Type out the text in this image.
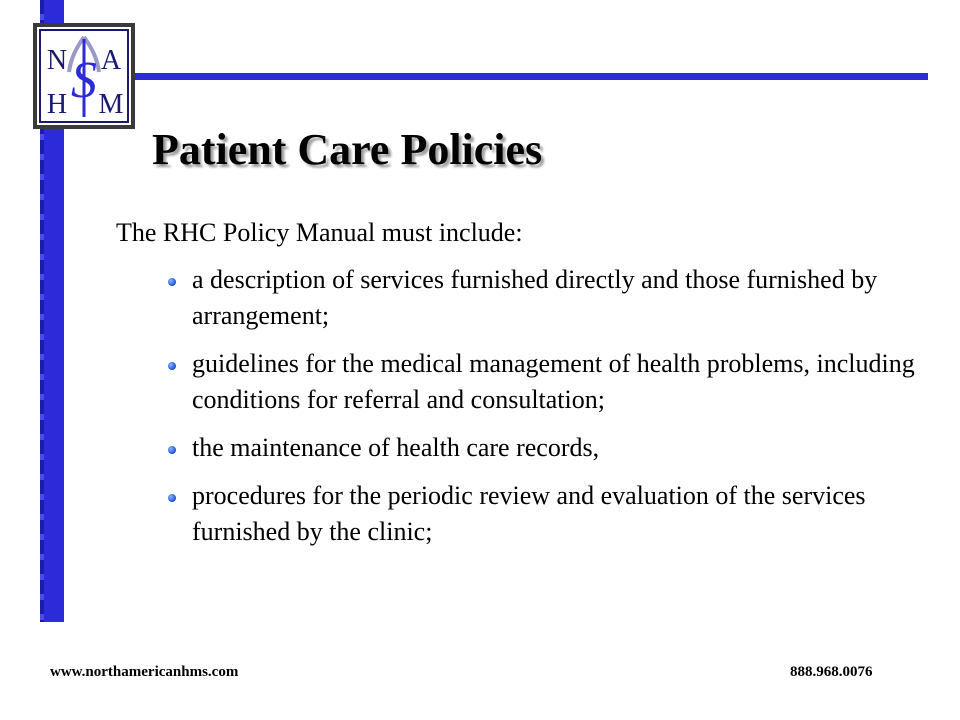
N A
H M
S
Patient Care Policies
The RHC Policy Manual must include:
a description of services furnished directly and those furnished by arrangement;
guidelines for the medical management of health problems, including conditions for referral and consultation;
the maintenance of health care records,
procedures for the periodic review and evaluation of the services furnished by the clinic;
www.northamericanhms.com	888.968.0076
